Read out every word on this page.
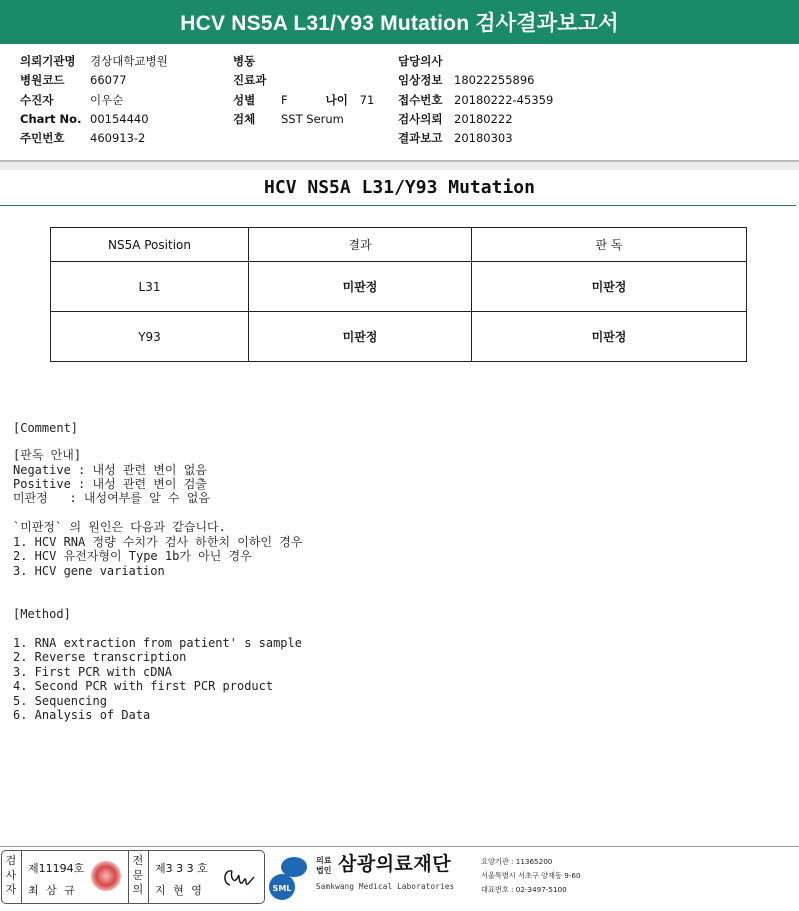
HCV NS5A L31/Y93 Mutation 검사결과보고서
의뢰기관명	경상대학교병원
병원코드	66077
수진자	이우순
Chart No. 00154440
주민번호	460913-2
병동
진료과
성별	F	나이	71
검체	SST Serum
담당의사
임상정보	18022255896
접수번호	20180222-45359
검사의뢰	20180222
결과보고	20180303
HCV NS5A L31/Y93 Mutation
NS5A Position	결과	판 독
L31	미판정	미판정
Y93	미판정	미판정
[Comment]
[판독 안내]
Negative : 내성 관련 변이 없음
Positive : 내성 관련 변이 검출
미판정   : 내성여부를 알 수 없음
`미판정` 의 원인은 다음과 같습니다.
1. HCV RNA 정량 수치가 검사 하한치 이하인 경우
2. HCV 유전자형이 Type 1b가 아닌 경우
3. HCV gene variation
[Method]
1. RNA extraction from patient' s sample
2. Reverse transcription
3. First PCR with cDNA
4. Second PCR with first PCR product
5. Sequencing
6. Analysis of Data
검사자
제11194호
최 삼 규
전문의
제3 3 3 호
지 현 영	SML
의료
법인 삼광의료재단
Samkwang Medical Laboratories
요양기관 : 11365200
서울특별시 서초구 양재동 9-60
대표번호 : 02-3497-5100
